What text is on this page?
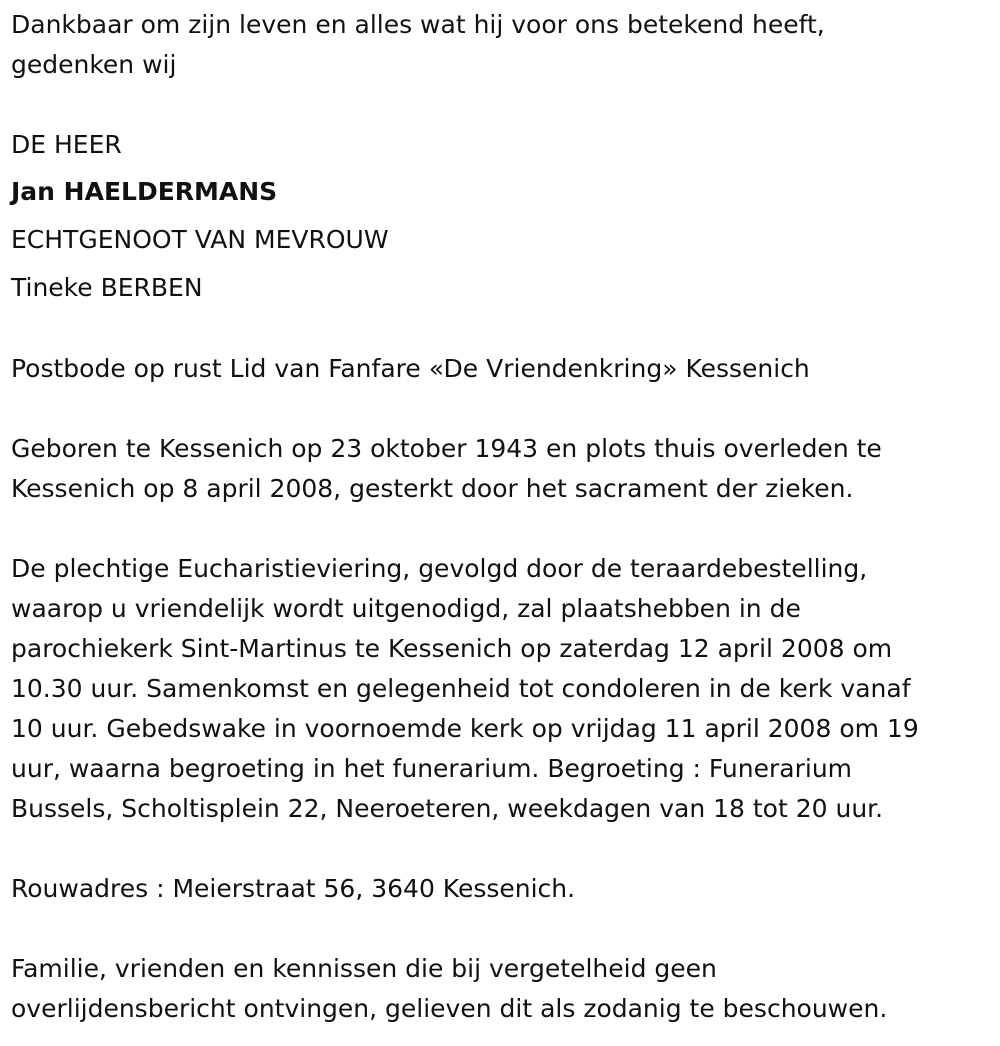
Dankbaar om zijn leven en alles wat hij voor ons betekend heeft,
gedenken wij
DE HEER
Jan HAELDERMANS
ECHTGENOOT VAN MEVROUW
Tineke BERBEN
Postbode op rust Lid van Fanfare «De Vriendenkring» Kessenich
Geboren te Kessenich op 23 oktober 1943 en plots thuis overleden te
Kessenich op 8 april 2008, gesterkt door het sacrament der zieken.
De plechtige Eucharistieviering, gevolgd door de teraardebestelling,
waarop u vriendelijk wordt uitgenodigd, zal plaatshebben in de
parochiekerk Sint-Martinus te Kessenich op zaterdag 12 april 2008 om
10.30 uur. Samenkomst en gelegenheid tot condoleren in de kerk vanaf
10 uur. Gebedswake in voornoemde kerk op vrijdag 11 april 2008 om 19
uur, waarna begroeting in het funerarium. Begroeting : Funerarium
Bussels, Scholtisplein 22, Neeroeteren, weekdagen van 18 tot 20 uur.
Rouwadres : Meierstraat 56, 3640 Kessenich.
Familie, vrienden en kennissen die bij vergetelheid geen
overlijdensbericht ontvingen, gelieven dit als zodanig te beschouwen.
